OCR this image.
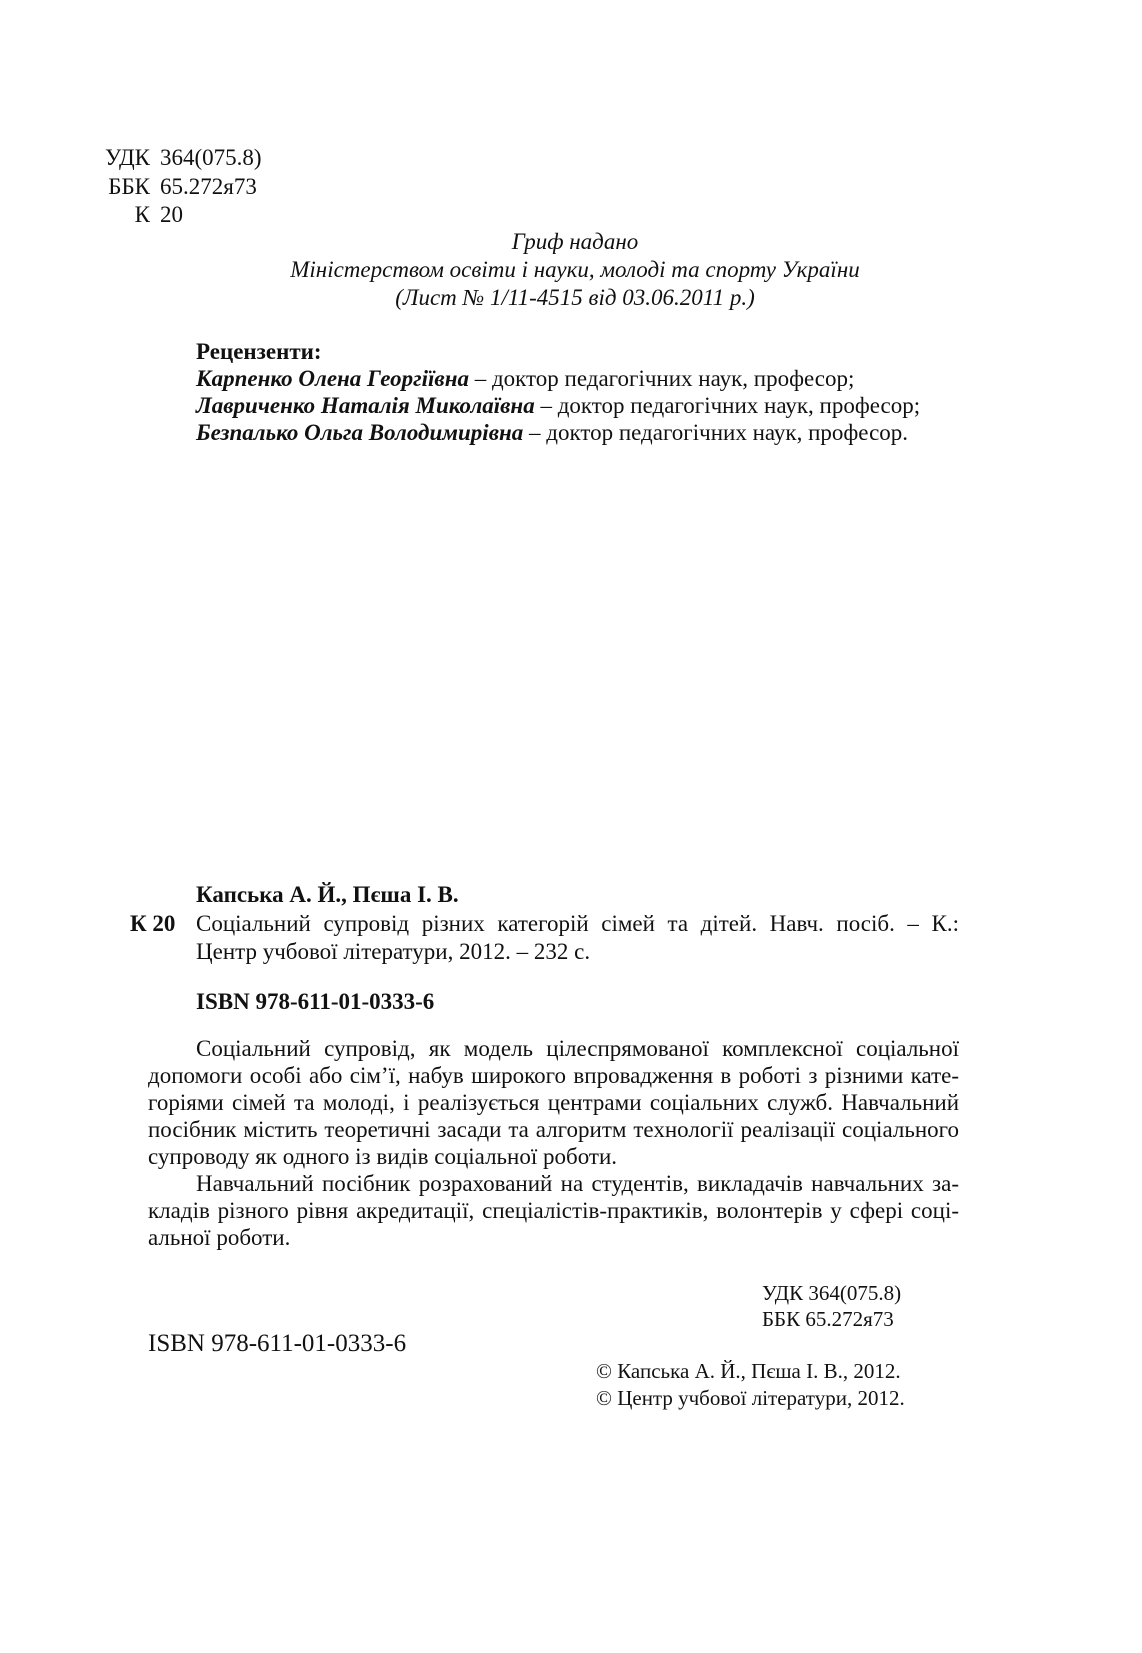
УДК 364(075.8)
ББК 65.272я73
К 20
Гриф надано
Міністерством освіти і науки, молоді та спорту України
(Лист № 1/11-4515 від 03.06.2011 р.)
Рецензенти:
Карпенко Олена Георгіївна – доктор педагогічних наук, професор;
Лавриченко Наталія Миколаївна – доктор педагогічних наук, професор;
Безпалько Ольга Володимирівна – доктор педагогічних наук, професор.
Капська А. Й., Пєша І. В.
К 20 Соціальний супровід різних категорій сімей та дітей. Навч. посіб. – К.:
Центр учбової літератури, 2012. – 232 с.
ISBN 978-611-01-0333-6
Соціальний супровід, як модель цілеспрямованої комплексної соціальної
допомоги особі або сім’ї, набув широкого впровадження в роботі з різними кате-
горіями сімей та молоді, і реалізується центрами соціальних служб. Навчальний
посібник містить теоретичні засади та алгоритм технології реалізації соціального
супроводу як одного із видів соціальної роботи.
Навчальний посібник розрахований на студентів, викладачів навчальних за-
кладів різного рівня акредитації, спеціалістів-практиків, волонтерів у сфері соці-
альної роботи.
УДК 364(075.8)
ББК 65.272я73
ISBN 978-611-01-0333-6
© Капська А. Й., Пєша І. В., 2012.
© Центр учбової літератури, 2012.
